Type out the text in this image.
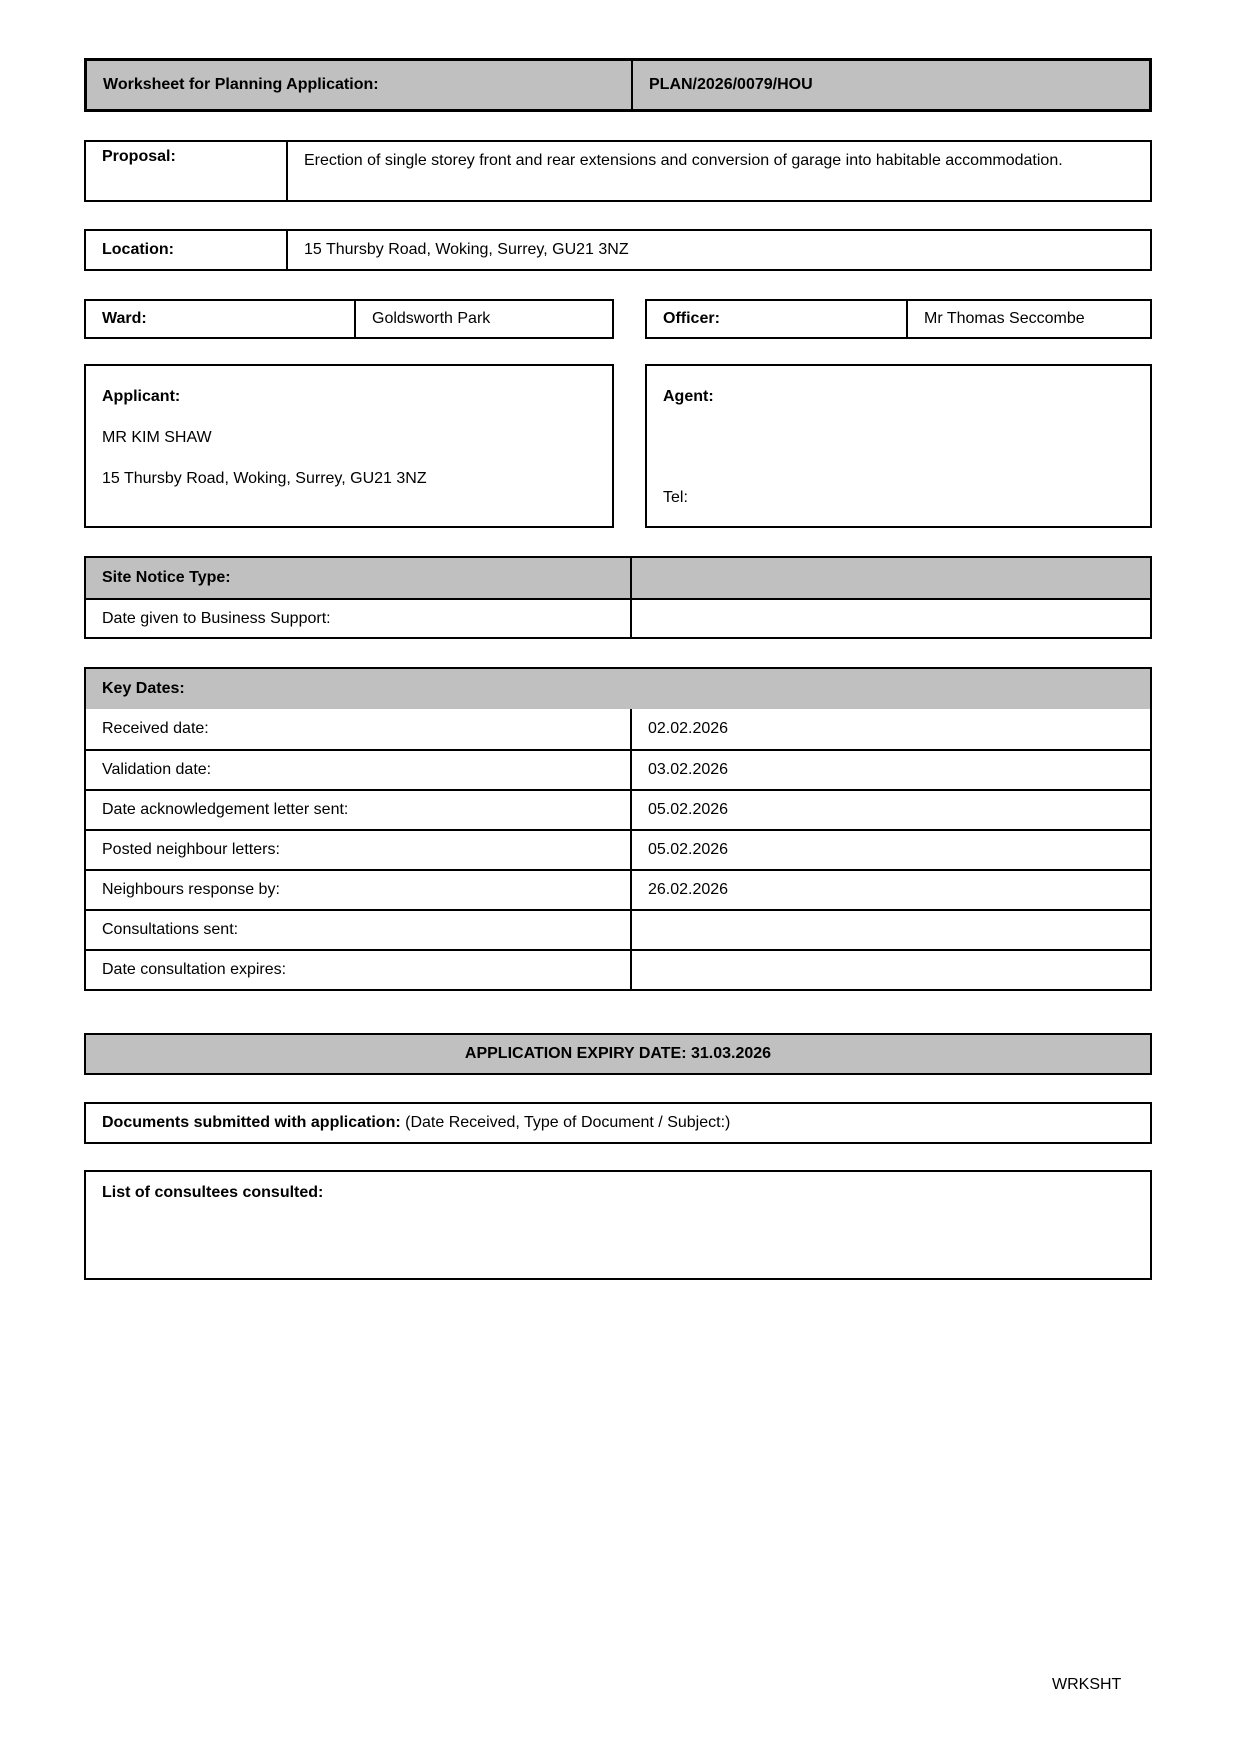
Worksheet for Planning Application:	PLAN/2026/0079/HOU
Proposal:	Erection of single storey front and rear extensions and conversion of garage into habitable accommodation.
Location:	15 Thursby Road, Woking, Surrey, GU21 3NZ
Ward:	Goldsworth Park	Officer:	Mr Thomas Seccombe
Applicant:
MR KIM SHAW
15 Thursby Road, Woking, Surrey, GU21 3NZ
Agent:
Tel:
Site Notice Type:
Date given to Business Support:
Key Dates:
Received date:	02.02.2026
Validation date:	03.02.2026
Date acknowledgement letter sent:	05.02.2026
Posted neighbour letters:	05.02.2026
Neighbours response by:	26.02.2026
Consultations sent:
Date consultation expires:
APPLICATION EXPIRY DATE: 31.03.2026
Documents submitted with application: (Date Received, Type of Document / Subject:)
List of consultees consulted:
WRKSHT
